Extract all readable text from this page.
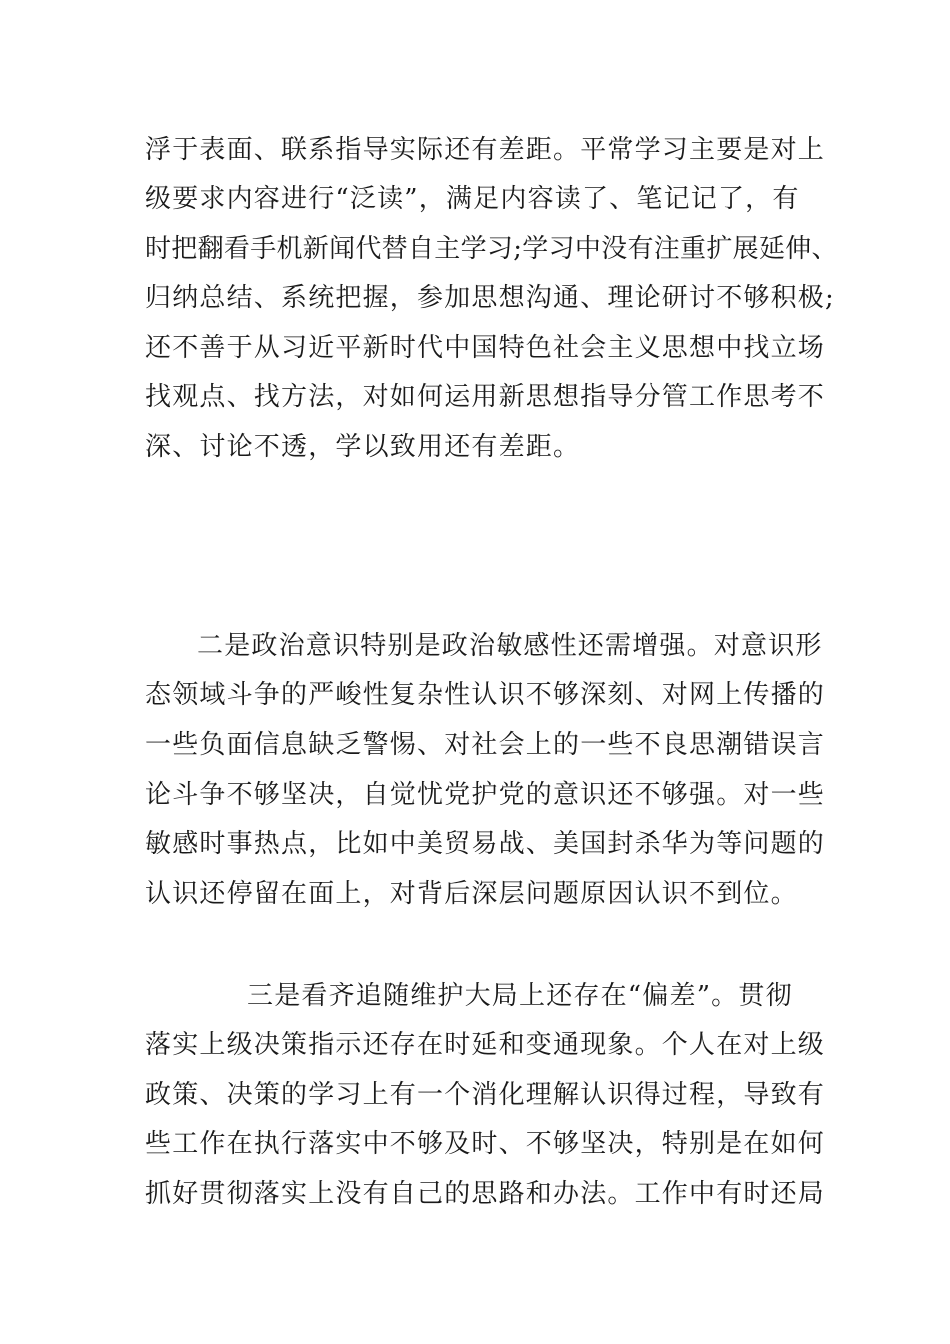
浮于表面、联系指导实际还有差距。平常学习主要是对上
级要求内容进行“泛读”，满足内容读了、笔记记了，有
时把翻看手机新闻代替自主学习;学习中没有注重扩展延伸、
归纳总结、系统把握，参加思想沟通、理论研讨不够积极;
还不善于从习近平新时代中国特色社会主义思想中找立场
找观点、找方法，对如何运用新思想指导分管工作思考不
深、讨论不透，学以致用还有差距。
二是政治意识特别是政治敏感性还需增强。对意识形
态领域斗争的严峻性复杂性认识不够深刻、对网上传播的
一些负面信息缺乏警惕、对社会上的一些不良思潮错误言
论斗争不够坚决，自觉忧党护党的意识还不够强。对一些
敏感时事热点，比如中美贸易战、美国封杀华为等问题的
认识还停留在面上，对背后深层问题原因认识不到位。
三是看齐追随维护大局上还存在“偏差”。贯彻
落实上级决策指示还存在时延和变通现象。个人在对上级
政策、决策的学习上有一个消化理解认识得过程，导致有
些工作在执行落实中不够及时、不够坚决，特别是在如何
抓好贯彻落实上没有自己的思路和办法。工作中有时还局
